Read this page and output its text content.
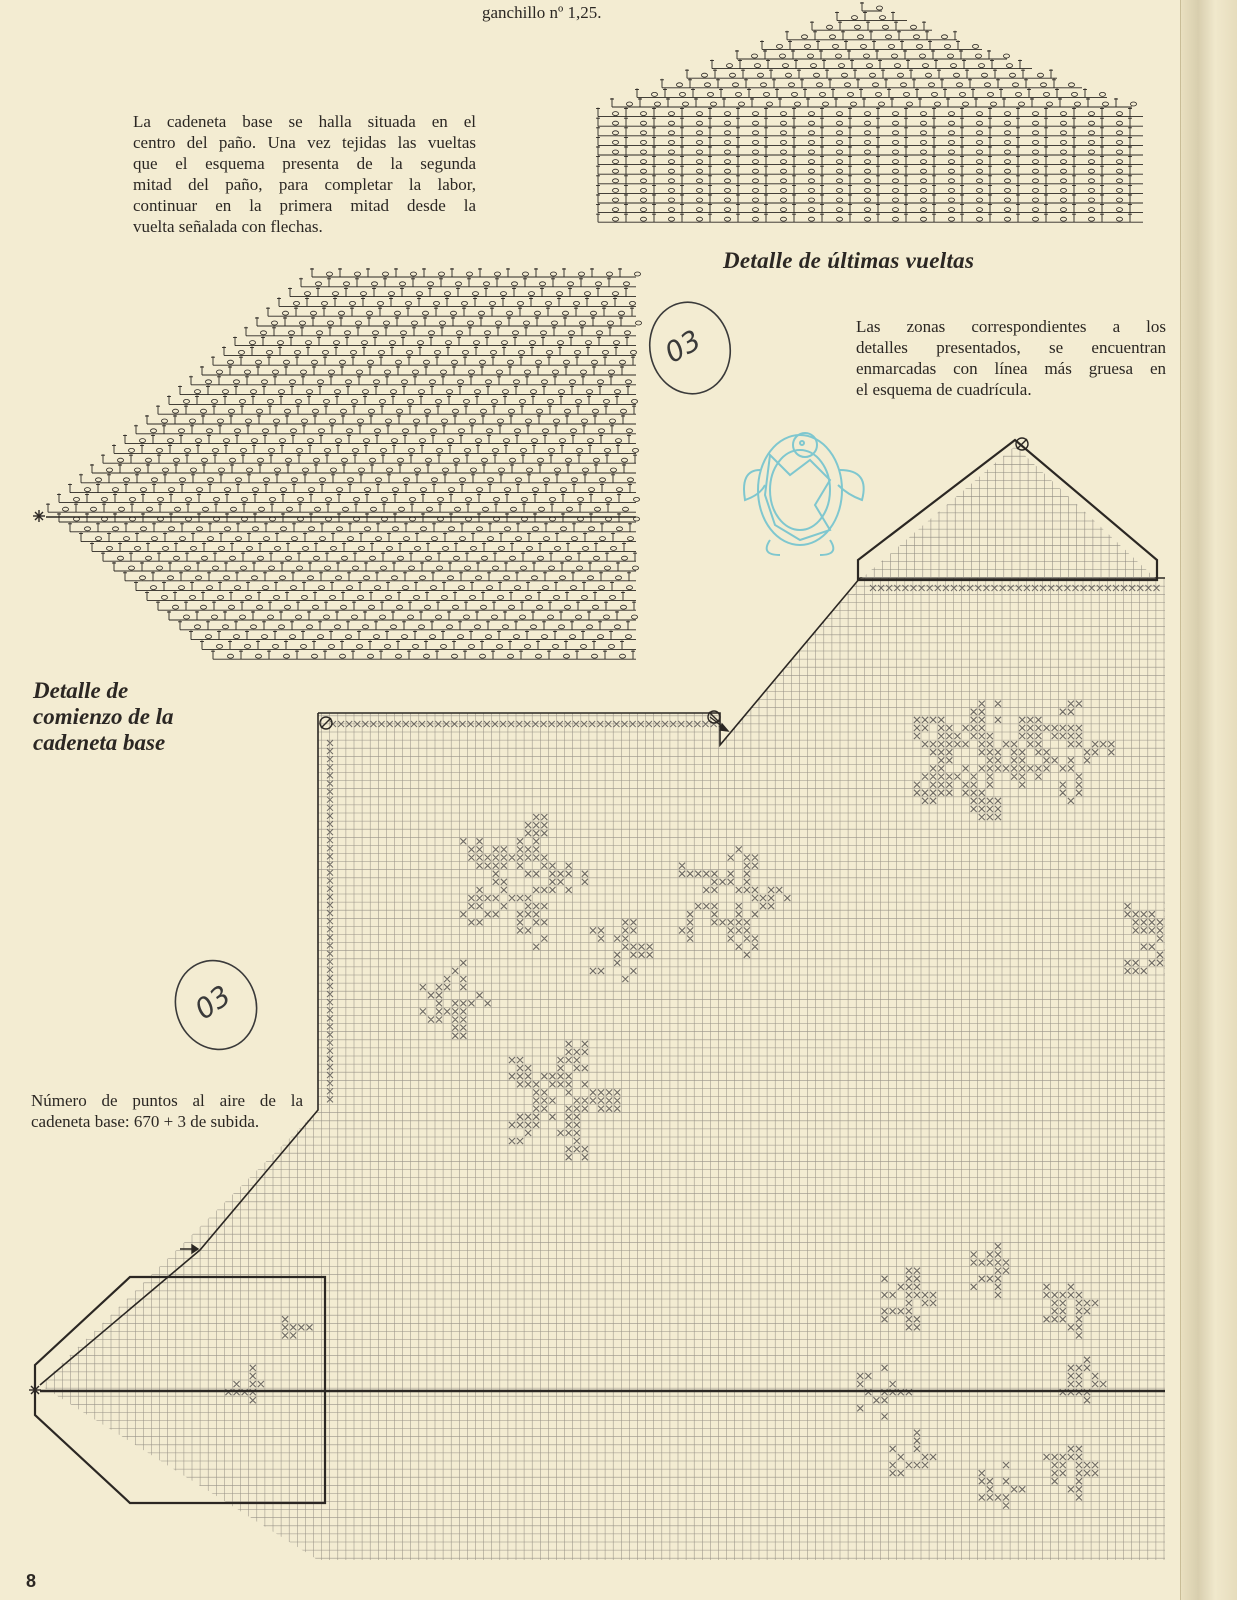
ganchillo nº 1,25.
La cadeneta base se halla situada en el
centro del paño. Una vez tejidas las vueltas
que el esquema presenta de la segunda
mitad del paño, para completar la labor,
continuar en la primera mitad desde la
vuelta señalada con flechas.
Detalle de últimas vueltas
Las zonas correspondientes a los
detalles presentados, se encuentran
enmarcadas con línea más gruesa en
el esquema de cuadrícula.
Detalle de
comienzo de la
cadeneta base
Número de puntos al aire de la
cadeneta base: 670 + 3 de subida.
8
03
03
